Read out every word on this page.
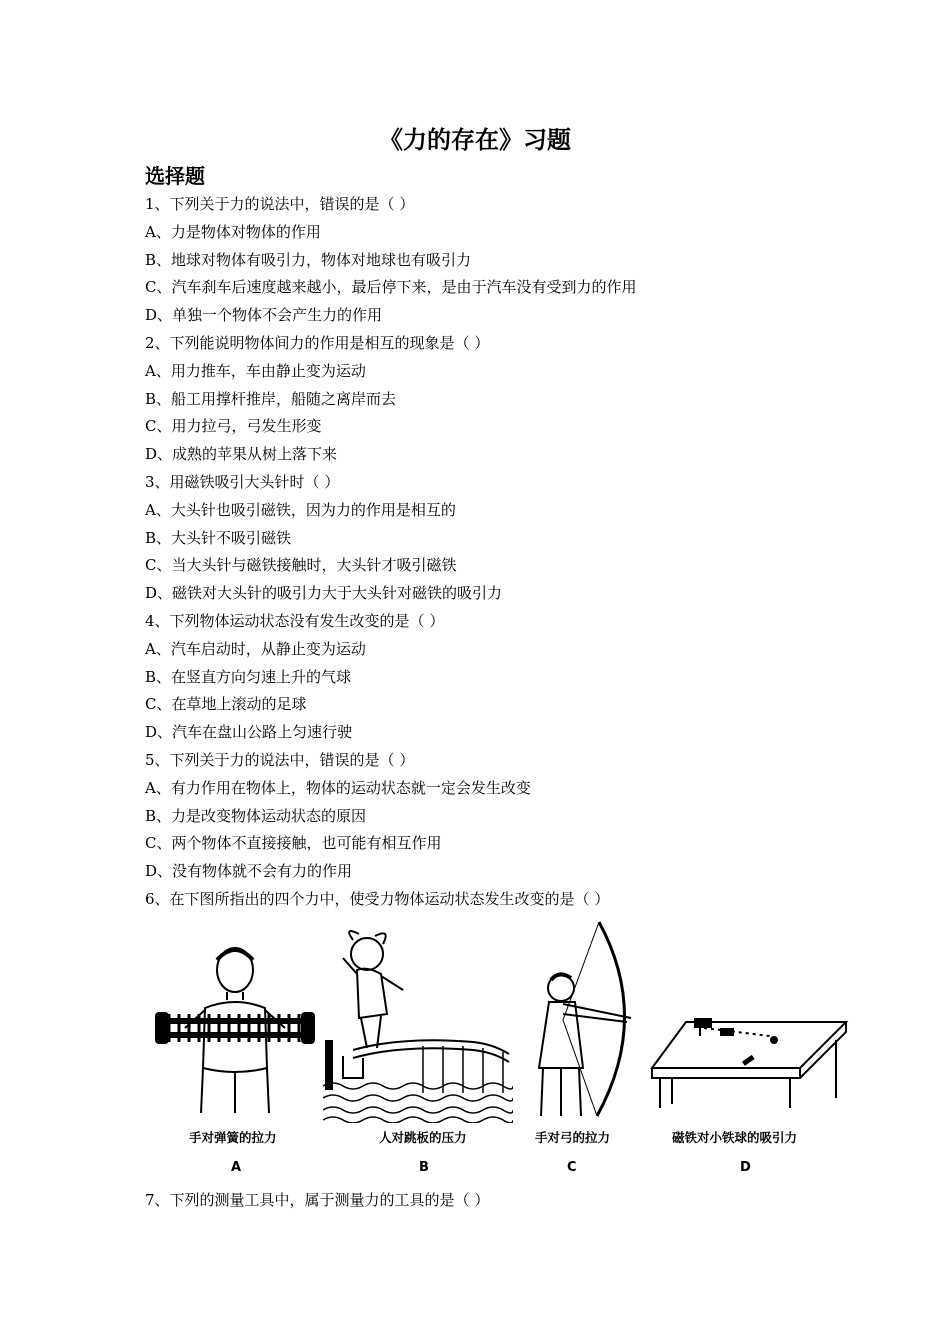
《力的存在》习题
选择题
1、下列关于力的说法中，错误的是（ ）
A、力是物体对物体的作用
B、地球对物体有吸引力，物体对地球也有吸引力
C、汽车刹车后速度越来越小，最后停下来，是由于汽车没有受到力的作用
D、单独一个物体不会产生力的作用
2、下列能说明物体间力的作用是相互的现象是（ ）
A、用力推车，车由静止变为运动
B、船工用撑杆推岸，船随之离岸而去
C、用力拉弓，弓发生形变
D、成熟的苹果从树上落下来
3、用磁铁吸引大头针时（ ）
A、大头针也吸引磁铁，因为力的作用是相互的
B、大头针不吸引磁铁
C、当大头针与磁铁接触时，大头针才吸引磁铁
D、磁铁对大头针的吸引力大于大头针对磁铁的吸引力
4、下列物体运动状态没有发生改变的是（ ）
A、汽车启动时，从静止变为运动
B、在竖直方向匀速上升的气球
C、在草地上滚动的足球
D、汽车在盘山公路上匀速行驶
5、下列关于力的说法中，错误的是（ ）
A、有力作用在物体上，物体的运动状态就一定会发生改变
B、力是改变物体运动状态的原因
C、两个物体不直接接触，也可能有相互作用
D、没有物体就不会有力的作用
6、在下图所指出的四个力中，使受力物体运动状态发生改变的是（ ）
手对弹簧的拉力
A
人对跳板的压力
B
手对弓的拉力
C
磁铁对小铁球的吸引力
D
7、下列的测量工具中，属于测量力的工具的是（ ）
